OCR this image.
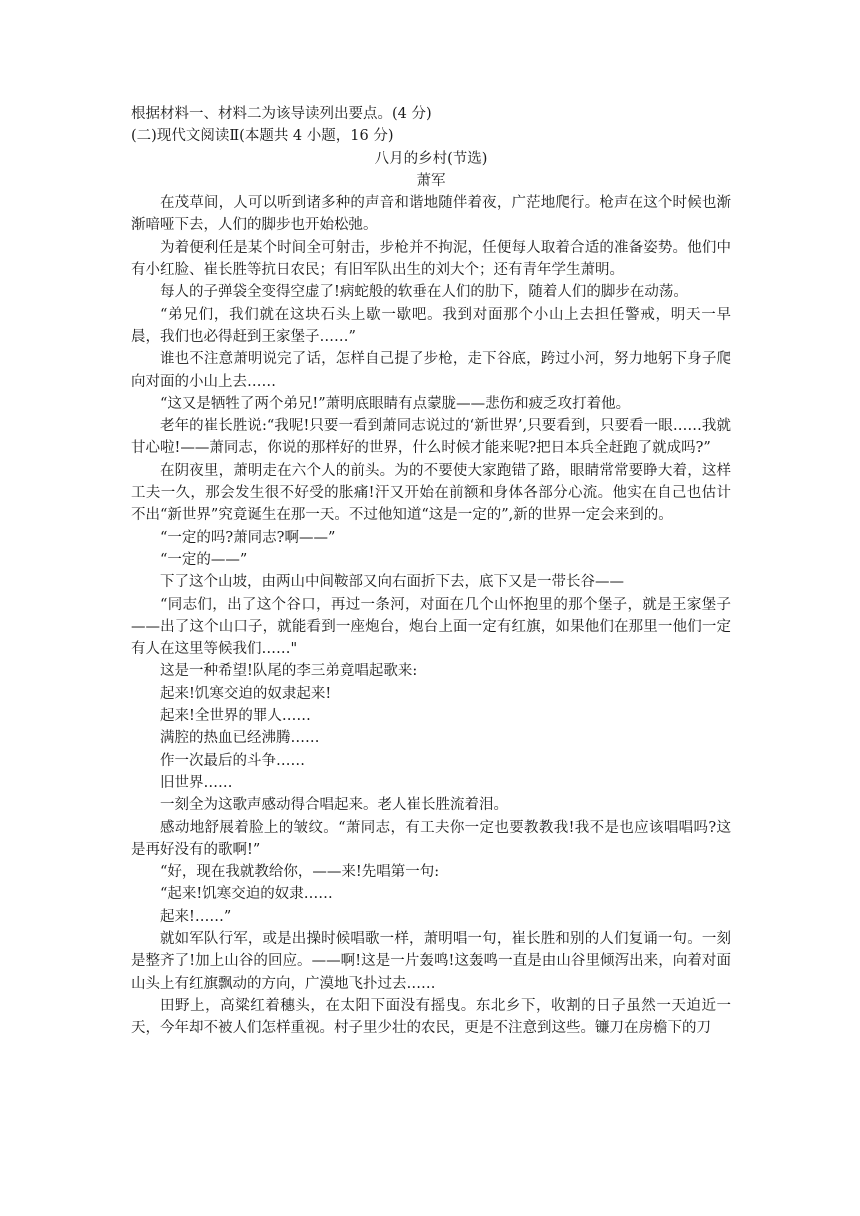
根据材料一、材料二为该导读列出要点。(4 分)

(二)现代文阅读Ⅱ(本题共 4 小题，16 分)

八月的乡村(节选)

萧军

在茂草间，人可以听到诸多种的声音和谐地随伴着夜，广茫地爬行。枪声在这个时候也渐渐喑哑下去，人们的脚步也开始松弛。

为着便利任是某个时间全可射击，步枪并不拘泥，任便每人取着合适的准备姿势。他们中有小红脸、崔长胜等抗日农民；有旧军队出生的刘大个；还有青年学生萧明。

每人的子弹袋全变得空虚了!病蛇般的软垂在人们的肋下，随着人们的脚步在动荡。

“弟兄们，我们就在这块石头上歇一歇吧。我到对面那个小山上去担任警戒，明天一早晨，我们也必得赶到王家堡子……”

谁也不注意萧明说完了话，怎样自己提了步枪，走下谷底，跨过小河，努力地躬下身子爬向对面的小山上去……

“这又是牺牲了两个弟兄!”萧明底眼睛有点蒙胧——悲伤和疲乏攻打着他。

老年的崔长胜说:“我呢!只要一看到萧同志说过的‘新世界’,只要看到，只要看一眼……我就甘心啦!——萧同志，你说的那样好的世界，什么时候才能来呢?把日本兵全赶跑了就成吗?”

在阴夜里，萧明走在六个人的前头。为的不要使大家跑错了路，眼睛常常要睁大着，这样工夫一久，那会发生很不好受的胀痛!汗又开始在前额和身体各部分心流。他实在自己也估计不出“新世界”究竟诞生在那一天。不过他知道“这是一定的”,新的世界一定会来到的。

“一定的吗?萧同志?啊——”

“一定的——”

下了这个山坡，由两山中间鞍部又向右面折下去，底下又是一带长谷——

“同志们，出了这个谷口，再过一条河，对面在几个山怀抱里的那个堡子，就是王家堡子——出了这个山口子，就能看到一座炮台，炮台上面一定有红旗，如果他们在那里一他们一定有人在这里等候我们……"

这是一种希望!队尾的李三弟竟唱起歌来:

起来!饥寒交迫的奴隶起来!

起来!全世界的罪人……

满腔的热血已经沸腾……

作一次最后的斗争……

旧世界……

一刻全为这歌声感动得合唱起来。老人崔长胜流着泪。

感动地舒展着脸上的皱纹。“萧同志，有工夫你一定也要教教我!我不是也应该唱唱吗?这是再好没有的歌啊!”

“好，现在我就教给你，——来!先唱第一句:

“起来!饥寒交迫的奴隶……

起来!……”

就如军队行军，或是出操时候唱歌一样，萧明唱一句，崔长胜和别的人们复诵一句。一刻是整齐了!加上山谷的回应。——啊!这是一片轰鸣!这轰鸣一直是由山谷里倾泻出来，向着对面山头上有红旗飘动的方向，广漠地飞扑过去……

田野上，高粱红着穗头，在太阳下面没有摇曳。东北乡下，收割的日子虽然一天迫近一天，今年却不被人们怎样重视。村子里少壮的农民，更是不注意到这些。镰刀在房檐下的刀
